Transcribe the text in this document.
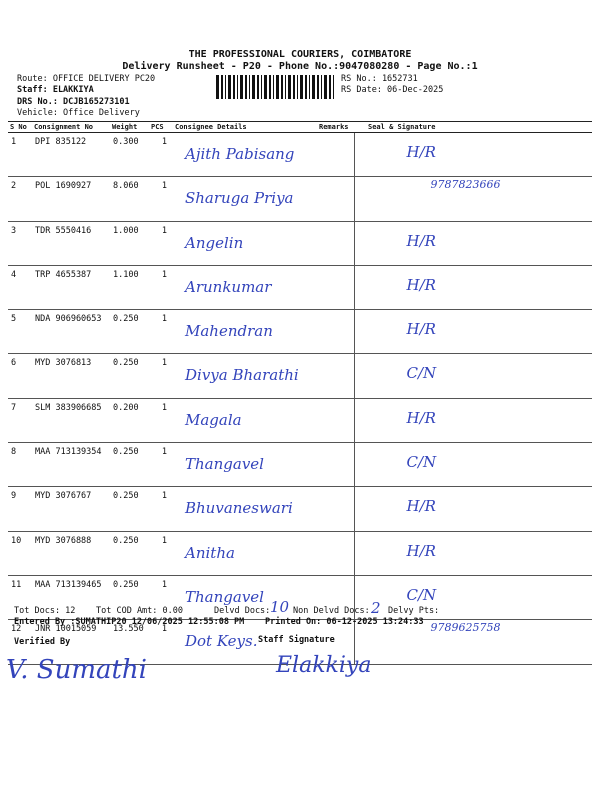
THE PROFESSIONAL COURIERS, COIMBATORE
Delivery Runsheet - P20 - Phone No.:9047080280 - Page No.:1
Route: OFFICE DELIVERY PC20
Staff: ELAKKIYA
DRS No.: DCJB165273101
Vehicle: Office Delivery
RS No.: 1652731
RS Date: 06-Dec-2025
S No	Consignment No	Weight	PCS	Consignee Details	Remarks	Seal & Signature
1	DPI 835122	0.300	1	Ajith Pabisang		H/R

2	POL 1690927	8.060	1	Sharuga Priya		9787823666

3	TDR 5550416	1.000	1	Angelin		H/R

4	TRP 4655387	1.100	1	Arunkumar		H/R

5	NDA 906960653	0.250	1	Mahendran		H/R

6	MYD 3076813	0.250	1	Divya Bharathi		C/N

7	SLM 383906685	0.200	1	Magala		H/R

8	MAA 713139354	0.250	1	Thangavel		C/N

9	MYD 3076767	0.250	1	Bhuvaneswari		H/R

10	MYD 3076888	0.250	1	Anitha		H/R

11	MAA 713139465	0.250	1	Thangavel		C/N

12	JNR 10015059	13.550	1	Dot Keys.		9789625758
Tot Docs: 12 Tot COD Amt: 0.00	Delvd Docs: 10 Non Delvd Docs: 2 Delvy Pts:
Entered By :SUMATHIP20 12/06/2025 12:55:08 PM Printed On: 06-12-2025 13:24:33
Verified By	Staff Signature
V. Sumathi	Elakkiya
